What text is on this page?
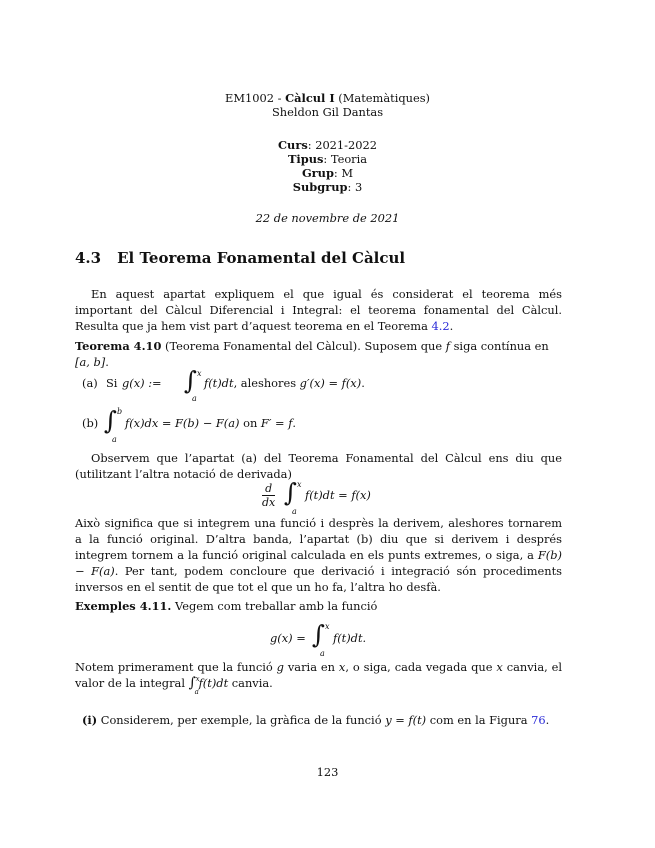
EM1002 - Càlcul I (Matemàtiques)
Sheldon Gil Dantas
Curs: 2021-2022
Tipus: Teoria
Grup: M
Subgrup: 3
22 de novembre de 2021
4.3 El Teorema Fonamental del Càlcul
En aquest apartat expliquem el que igual és considerat el teorema més important del Càlcul Diferencial i Integral: el teorema fonamental del Càlcul. Resulta que ja hem vist part d’aquest teorema en el Teorema 4.2.
Teorema 4.10 (Teorema Fonamental del Càlcul). Suposem que f siga contínua en [a, b].
(a) Si g(x) := ∫ x
a
f(t)dt, aleshores g′(x) = f(x).
(b) ∫ b
a
f(x)dx = F(b) − F(a) on F′ = f.
Observem que l’apartat (a) del Teorema Fonamental del Càlcul ens diu que (utilitzant l’altra notació de derivada)
$\frac{d}{dx}$ ∫ x
a
f(t)dt = f(x)
Això significa que si integrem una funció i desprès la derivem, aleshores tornarem a la funció original. D’altra banda, l’apartat (b) diu que si derivem i després integrem tornem a la funció original calculada en els punts extremes, o siga, a F(b) − F(a). Per tant, podem concloure que derivació i integració són procediments inversos en el sentit de que tot el que un ho fa, l’altra ho desfà.
Exemples 4.11. Vegem com treballar amb la funció
g(x) = ∫ x
a
f(t)dt.
Notem primerament que la funció g varia en x, o siga, cada vegada que x canvia, el valor de la integral ∫ x
a
f(t)dt canvia.
(i) Considerem, per exemple, la gràfica de la funció y = f(t) com en la Figura 76.
123
